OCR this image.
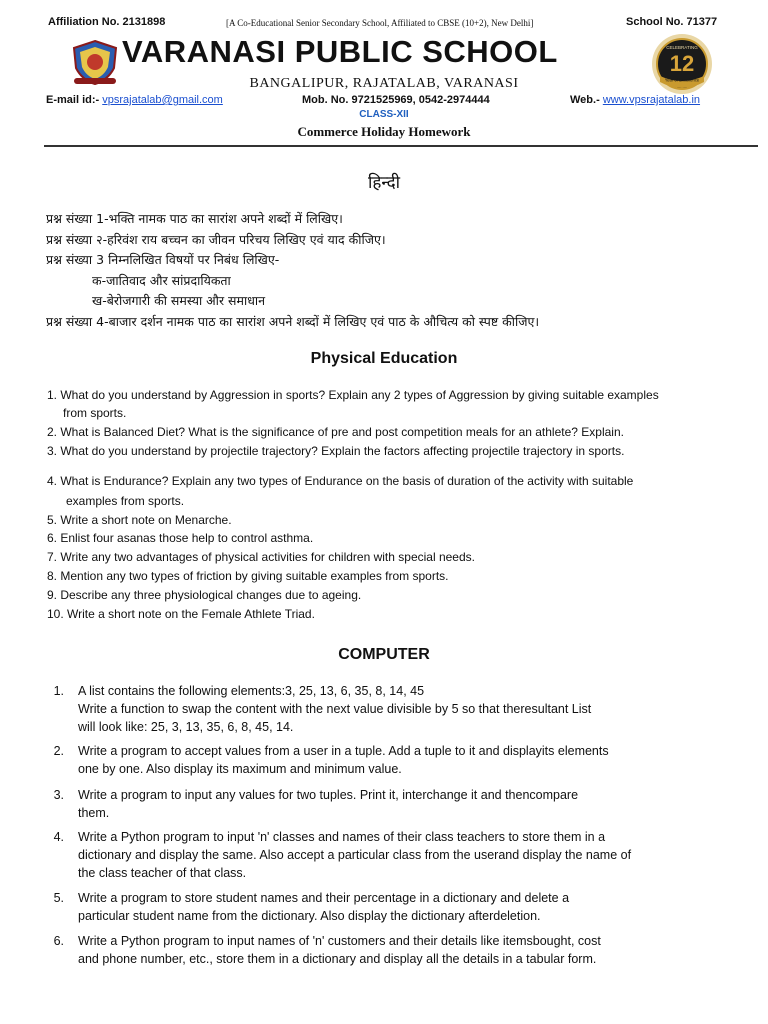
Affiliation No. 2131898	[A Co-Educational Senior Secondary School, Affiliated to CBSE (10+2), New Delhi]	School No. 71377
VARANASI PUBLIC SCHOOL	CELEBRATING
12
Year of Excellence
BANGALIPUR, RAJATALAB, VARANASI
E-mail id:- vpsrajatalab@gmail.com	Mob. No. 9721525969, 0542-2974444	Web.- www.vpsrajatalab.in
CLASS-XII
Commerce Holiday Homework
हिन्दी
प्रश्न संख्या 1-भक्ति नामक पाठ का सारांश अपने शब्दों में लिखिए।
प्रश्न संख्या २-हरिवंश राय बच्चन का जीवन परिचय लिखिए एवं याद कीजिए।
प्रश्न संख्या 3 निम्नलिखित विषयों पर निबंध लिखिए-
क-जातिवाद और सांप्रदायिकता
ख-बेरोजगारी की समस्या और समाधान
प्रश्न संख्या 4-बाजार दर्शन नामक पाठ का सारांश अपने शब्दों में लिखिए एवं पाठ के औचित्य को स्पष्ट कीजिए।
Physical Education
1. What do you understand by Aggression in sports? Explain any 2 types of Aggression by giving suitable examples
from sports.
2. What is Balanced Diet? What is the significance of pre and post competition meals for an athlete? Explain.
3. What do you understand by projectile trajectory? Explain the factors affecting projectile trajectory in sports.
4. What is Endurance? Explain any two types of Endurance on the basis of duration of the activity with suitable
examples from sports.
5. Write a short note on Menarche.
6. Enlist four asanas those help to control asthma.
7. Write any two advantages of physical activities for children with special needs.
8. Mention any two types of friction by giving suitable examples from sports.
9. Describe any three physiological changes due to ageing.
10. Write a short note on the Female Athlete Triad.
COMPUTER
1. A list contains the following elements:3, 25, 13, 6, 35, 8, 14, 45
Write a function to swap the content with the next value divisible by 5 so that theresultant List
will look like: 25, 3, 13, 35, 6, 8, 45, 14.
2. Write a program to accept values from a user in a tuple. Add a tuple to it and displayits elements
one by one. Also display its maximum and minimum value.
3. Write a program to input any values for two tuples. Print it, interchange it and thencompare
them.
4. Write a Python program to input 'n' classes and names of their class teachers to store them in a
dictionary and display the same. Also accept a particular class from the userand display the name of
the class teacher of that class.
5. Write a program to store student names and their percentage in a dictionary and delete a
particular student name from the dictionary. Also display the dictionary afterdeletion.
6. Write a Python program to input names of 'n' customers and their details like itemsbought, cost
and phone number, etc., store them in a dictionary and display all the details in a tabular form.
